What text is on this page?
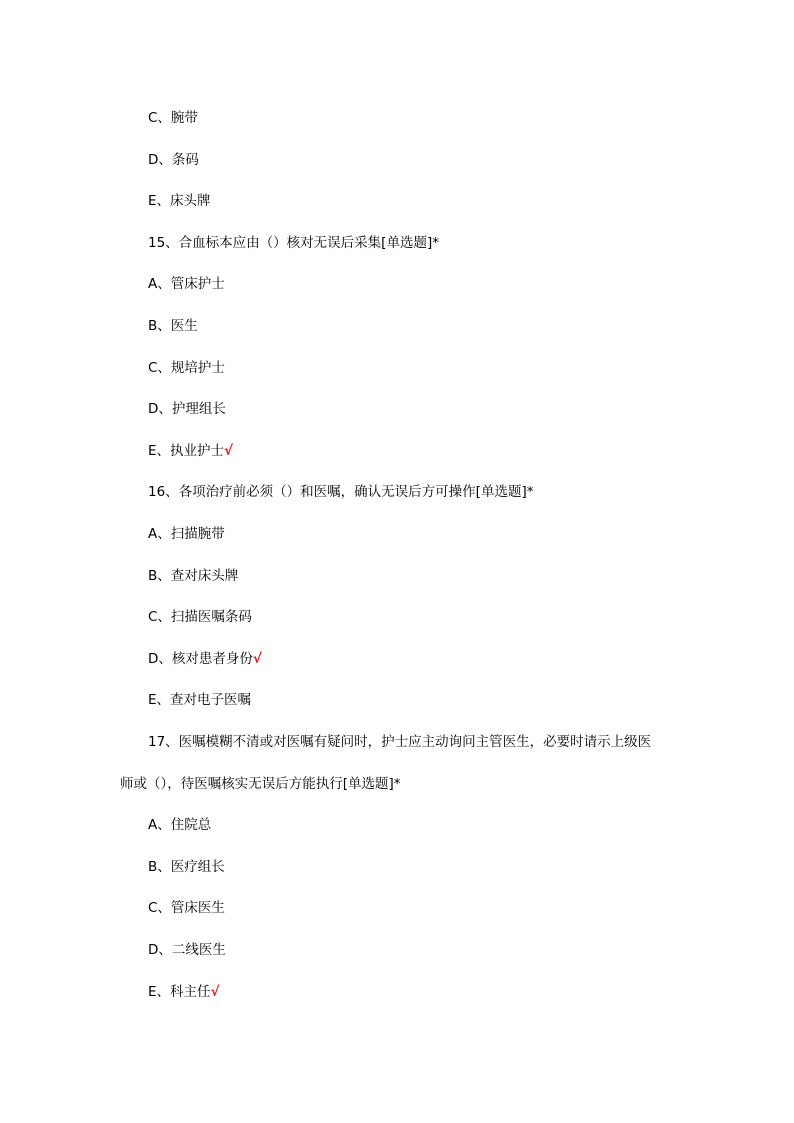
C、腕带
D、条码
E、床头牌
15、合血标本应由（）核对无误后采集[单选题]*
A、管床护士
B、医生
C、规培护士
D、护理组长
E、执业护士√
16、各项治疗前必须（）和医嘱，确认无误后方可操作[单选题]*
A、扫描腕带
B、查对床头牌
C、扫描医嘱条码
D、核对患者身份√
E、查对电子医嘱
17、医嘱模糊不清或对医嘱有疑问时，护士应主动询问主管医生，必要时请示上级医
师或（），待医嘱核实无误后方能执行[单选题]*
A、住院总
B、医疗组长
C、管床医生
D、二线医生
E、科主任√
